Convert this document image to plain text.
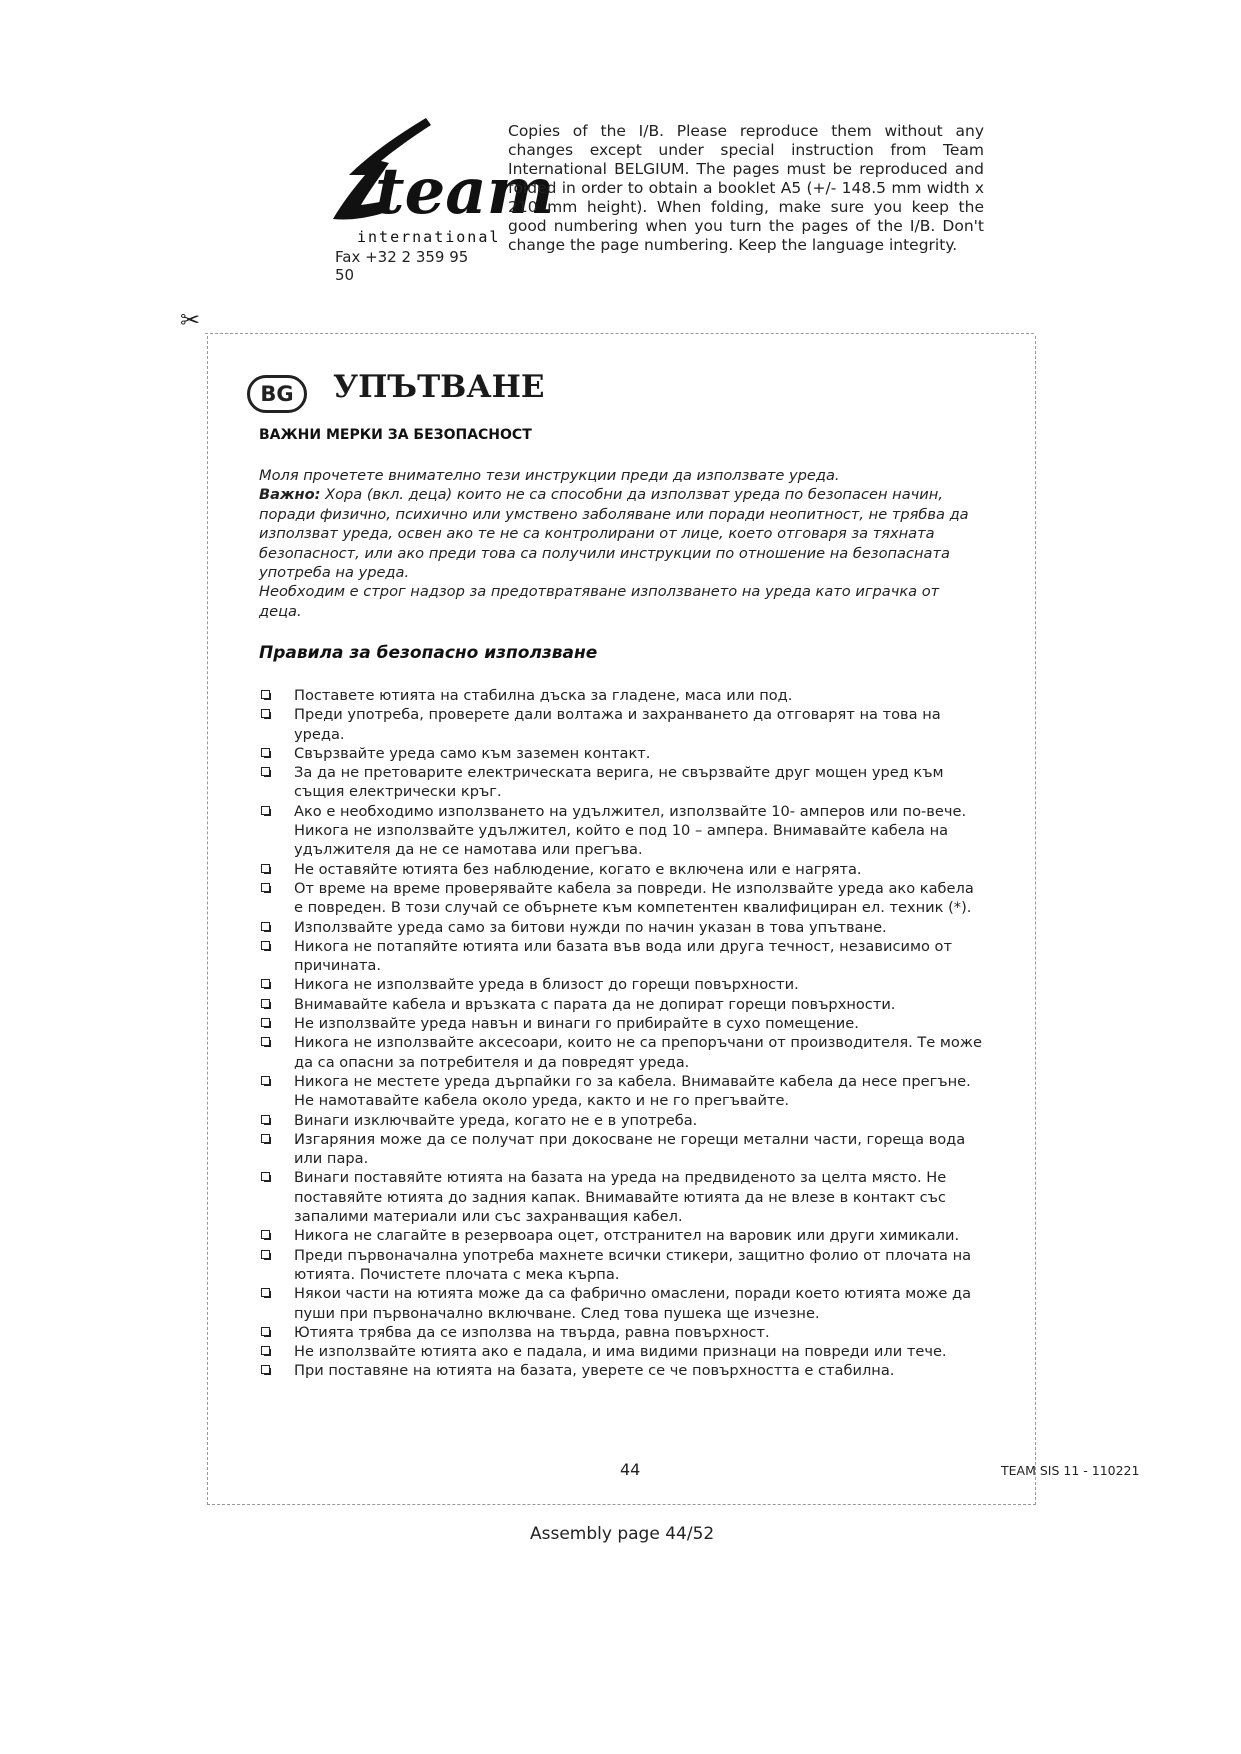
team
international
Fax +32 2 359 95 50
Copies of the I/B. Please reproduce them without any changes except under special instruction from Team International BELGIUM. The pages must be reproduced and folded in order to obtain a booklet A5 (+/- 148.5 mm width x 210 mm height). When folding, make sure you keep the good numbering when you turn the pages of the I/B. Don't change the page numbering. Keep the language integrity.
✂
BG	УПЪТВАНЕ
ВАЖНИ МЕРКИ ЗА БЕЗОПАСНОСТ

Моля прочетете внимателно тези инструкции преди да използвате уреда.

Важно: Хора (вкл. деца) които не са способни да използват уреда по безопасен начин, поради физично, психично или умствено заболяване или поради неопитност, не трябва да използват уреда, освен ако те не са контролирани от лице, което отговаря за тяхната безопасност, или ако преди това са получили инструкции по отношение на безопасната употреба на уреда.

Необходим е строг надзор за предотвратяване използването на уреда като играчка от деца.

Правила за безопасно използване
Поставете ютията на стабилна дъска за гладене, маса или под.
Преди употреба, проверете дали волтажа и захранването да отговарят на това на уреда.
Свързвайте уреда само към заземен контакт.
За да не претоварите електрическата верига, не свързвайте друг мощен уред към същия електрически кръг.
Ако е необходимо използването на удължител, използвайте 10- амперов или по-вече. Никога не използвайте удължител, който е под 10 – ампера. Внимавайте кабела на удължителя да не се намотава или прегъва.
Не оставяйте ютията без наблюдение, когато е включена или е нагрята.
От време на време проверявайте кабела за повреди. Не използвайте уреда ако кабела е повреден. В този случай се обърнете към компетентен квалифициран ел. техник (*).
Използвайте уреда само за битови нужди по начин указан в това упътване.
Никога не потапяйте ютията или базата във вода или друга течност, независимо от причината.
Никога не използвайте уреда в близост до горещи повърхности.
Внимавайте кабела и връзката с парата да не допират горещи повърхности.
Не използвайте уреда навън и винаги го прибирайте в сухо помещение.
Никога не използвайте аксесоари, които не са препоръчани от производителя. Те може да са опасни за потребителя и да повредят уреда.
Никога не местете уреда дърпайки го за кабела. Внимавайте кабела да несе прегъне. Не намотавайте кабела около уреда, както и не го прегъвайте.
Винаги изключвайте уреда, когато не е в употреба.
Изгаряния може да се получат при докосване не горещи метални части, гореща вода или пара.
Винаги поставяйте ютията на базата на уреда на предвиденото за целта място. Не поставяйте ютията до задния капак. Внимавайте ютията да не влезе в контакт със запалими материали или със захранващия кабел.
Никога не слагайте в резервоара оцет, отстранител на варовик или други химикали.
Преди първоначална употреба махнете всички стикери, защитно фолио от плочата на ютията. Почистете плочата с мека кърпа.
Някои части на ютията може да са фабрично омаслени, поради което ютията може да пуши при първоначално включване. След това пушека ще изчезне.
Ютията трябва да се използва на твърда, равна повърхност.
Не използвайте ютията ако е падала, и има видими признаци на повреди или тече.
При поставяне на ютията на базата, уверете се че повърхността е стабилна.
44	TEAM SIS 11 - 110221
Assembly page 44/52
